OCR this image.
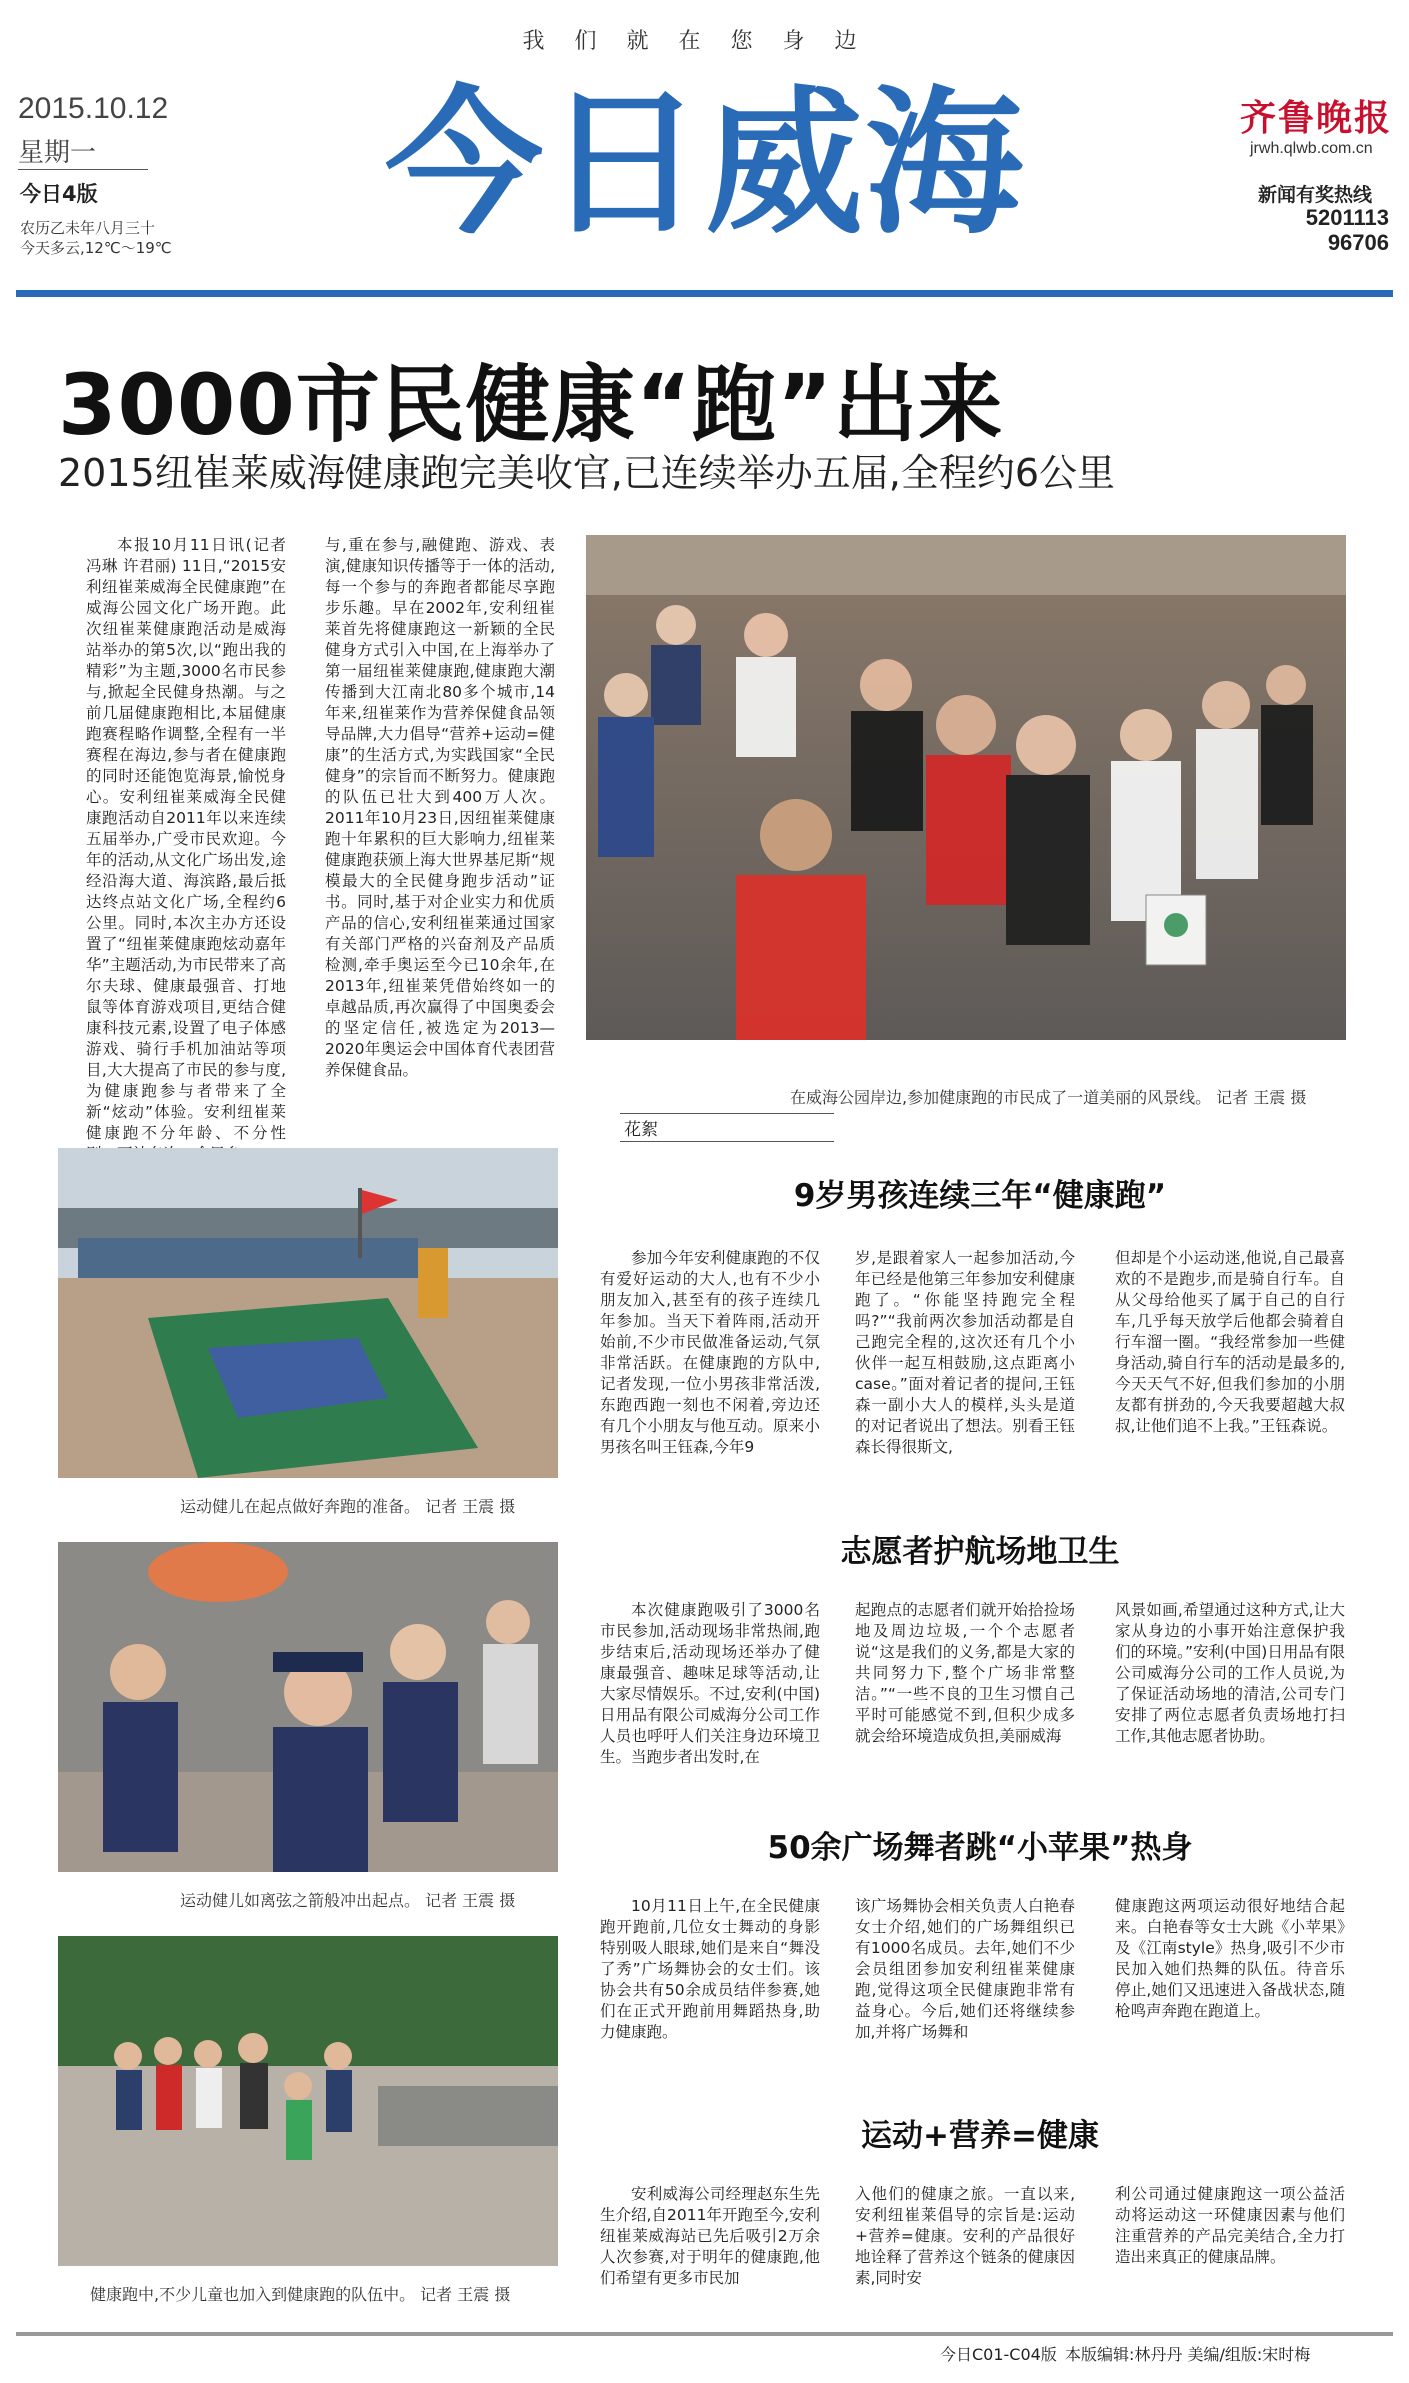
我们就在您身边
今日威海
2015.10.12
星期一
今日4版
农历乙未年八月三十
今天多云,12℃～19℃
齐鲁晚报
jrwh.qlwb.com.cn
新闻有奖热线
5201113
96706
3000市民健康“跑”出来
2015纽崔莱威海健康跑完美收官,已连续举办五届,全程约6公里

本报10月11日讯(记者 冯琳 许君丽) 11日,“2015安利纽崔莱威海全民健康跑”在威海公园文化广场开跑。此次纽崔莱健康跑活动是威海站举办的第5次,以“跑出我的精彩”为主题,3000名市民参与,掀起全民健身热潮。与之前几届健康跑相比,本届健康跑赛程略作调整,全程有一半赛程在海边,参与者在健康跑的同时还能饱览海景,愉悦身心。安利纽崔莱威海全民健康跑活动自2011年以来连续五届举办,广受市民欢迎。今年的活动,从文化广场出发,途经沿海大道、海滨路,最后抵达终点站文化广场,全程约6公里。同时,本次主办方还设置了“纽崔莱健康跑炫动嘉年华”主题活动,为市民带来了高尔夫球、健康最强音、打地鼠等体育游戏项目,更结合健康科技元素,设置了电子体感游戏、骑行手机加油站等项目,大大提高了市民的参与度,为健康跑参与者带来了全新“炫动”体验。安利纽崔莱健康跑不分年龄、不分性

与,重在参与,融健跑、游戏、表演,健康知识传播等于一体的活动,每一个参与的奔跑者都能尽享跑步乐趣。早在2002年,安利纽崔莱首先将健康跑这一新颖的全民健身方式引入中国,在上海举办了第一届纽崔莱健康跑,健康跑大潮传播到大江南北80多个城市,14年来,纽崔莱作为营养保健食品领导品牌,大力倡导“营养+运动=健康”的生活方式,为实践国家“全民健身”的宗旨而不断努力。健康跑的队伍已壮大到400万人次。2011年10月23日,因纽崔莱健康跑十年累积的巨大影响力,纽崔莱健康跑获颁上海大世界基尼斯“规模最大的全民健身跑步活动”证书。同时,基于对企业实力和优质产品的信心,安利纽崔莱通过国家有关部门严格的兴奋剂及产品质检测,牵手奥运至今已10余年,在2013年,纽崔莱凭借始终如一的卓越品质,再次赢得了中国奥委会的坚定信任,被选定为2013—2020年奥运会中国体育代表团营养保健食品。

在威海公园岸边,参加健康跑的市民成了一道美丽的风景线。 记者 王震 摄
运动健儿在起点做好奔跑的准备。 记者 王震 摄
运动健儿如离弦之箭般冲出起点。 记者 王震 摄
健康跑中,不少儿童也加入到健康跑的队伍中。 记者 王震 摄
花絮
9岁男孩连续三年“健康跑”

参加今年安利健康跑的不仅有爱好运动的大人,也有不少小朋友加入,甚至有的孩子连续几年参加。当天下着阵雨,活动开始前,不少市民做准备运动,气氛非常活跃。在健康跑的方队中,记者发现,一位小男孩非常活泼,东跑西跑一刻也不闲着,旁边还有几个小朋友与他互动。原来小男孩名叫王钰森,今年9

岁,是跟着家人一起参加活动,今年已经是他第三年参加安利健康跑了。“你能坚持跑完全程吗?”“我前两次参加活动都是自己跑完全程的,这次还有几个小伙伴一起互相鼓励,这点距离小case。”面对着记者的提问,王钰森一副小大人的模样,头头是道的对记者说出了想法。别看王钰森长得很斯文,

但却是个小运动迷,他说,自己最喜欢的不是跑步,而是骑自行车。自从父母给他买了属于自己的自行车,几乎每天放学后他都会骑着自行车溜一圈。“我经常参加一些健身活动,骑自行车的活动是最多的,今天天气不好,但我们参加的小朋友都有拼劲的,今天我要超越大叔叔,让他们追不上我。”王钰森说。

志愿者护航场地卫生

本次健康跑吸引了3000名市民参加,活动现场非常热闹,跑步结束后,活动现场还举办了健康最强音、趣味足球等活动,让大家尽情娱乐。不过,安利(中国)日用品有限公司威海分公司工作人员也呼吁人们关注身边环境卫生。当跑步者出发时,在

起跑点的志愿者们就开始拾捡场地及周边垃圾,一个个志愿者说“这是我们的义务,都是大家的共同努力下,整个广场非常整洁。”“一些不良的卫生习惯自己平时可能感觉不到,但积少成多就会给环境造成负担,美丽威海

风景如画,希望通过这种方式,让大家从身边的小事开始注意保护我们的环境。”安利(中国)日用品有限公司威海分公司的工作人员说,为了保证活动场地的清洁,公司专门安排了两位志愿者负责场地打扫工作,其他志愿者协助。

50余广场舞者跳“小苹果”热身

10月11日上午,在全民健康跑开跑前,几位女士舞动的身影特别吸人眼球,她们是来自“舞没了秀”广场舞协会的女士们。该协会共有50余成员结伴参赛,她们在正式开跑前用舞蹈热身,助力健康跑。

该广场舞协会相关负责人白艳春女士介绍,她们的广场舞组织已有1000名成员。去年,她们不少会员组团参加安利纽崔莱健康跑,觉得这项全民健康跑非常有益身心。今后,她们还将继续参加,并将广场舞和

健康跑这两项运动很好地结合起来。白艳春等女士大跳《小苹果》及《江南style》热身,吸引不少市民加入她们热舞的队伍。待音乐停止,她们又迅速进入备战状态,随枪鸣声奔跑在跑道上。

运动+营养=健康

安利威海公司经理赵东生先生介绍,自2011年开跑至今,安利纽崔莱威海站已先后吸引2万余人次参赛,对于明年的健康跑,他们希望有更多市民加

入他们的健康之旅。一直以来,安利纽崔莱倡导的宗旨是:运动+营养=健康。安利的产品很好地诠释了营养这个链条的健康因素,同时安

利公司通过健康跑这一项公益活动将运动这一环健康因素与他们注重营养的产品完美结合,全力打造出来真正的健康品牌。

今日C01-C04版 本版编辑:林丹丹 美编/组版:宋时梅
